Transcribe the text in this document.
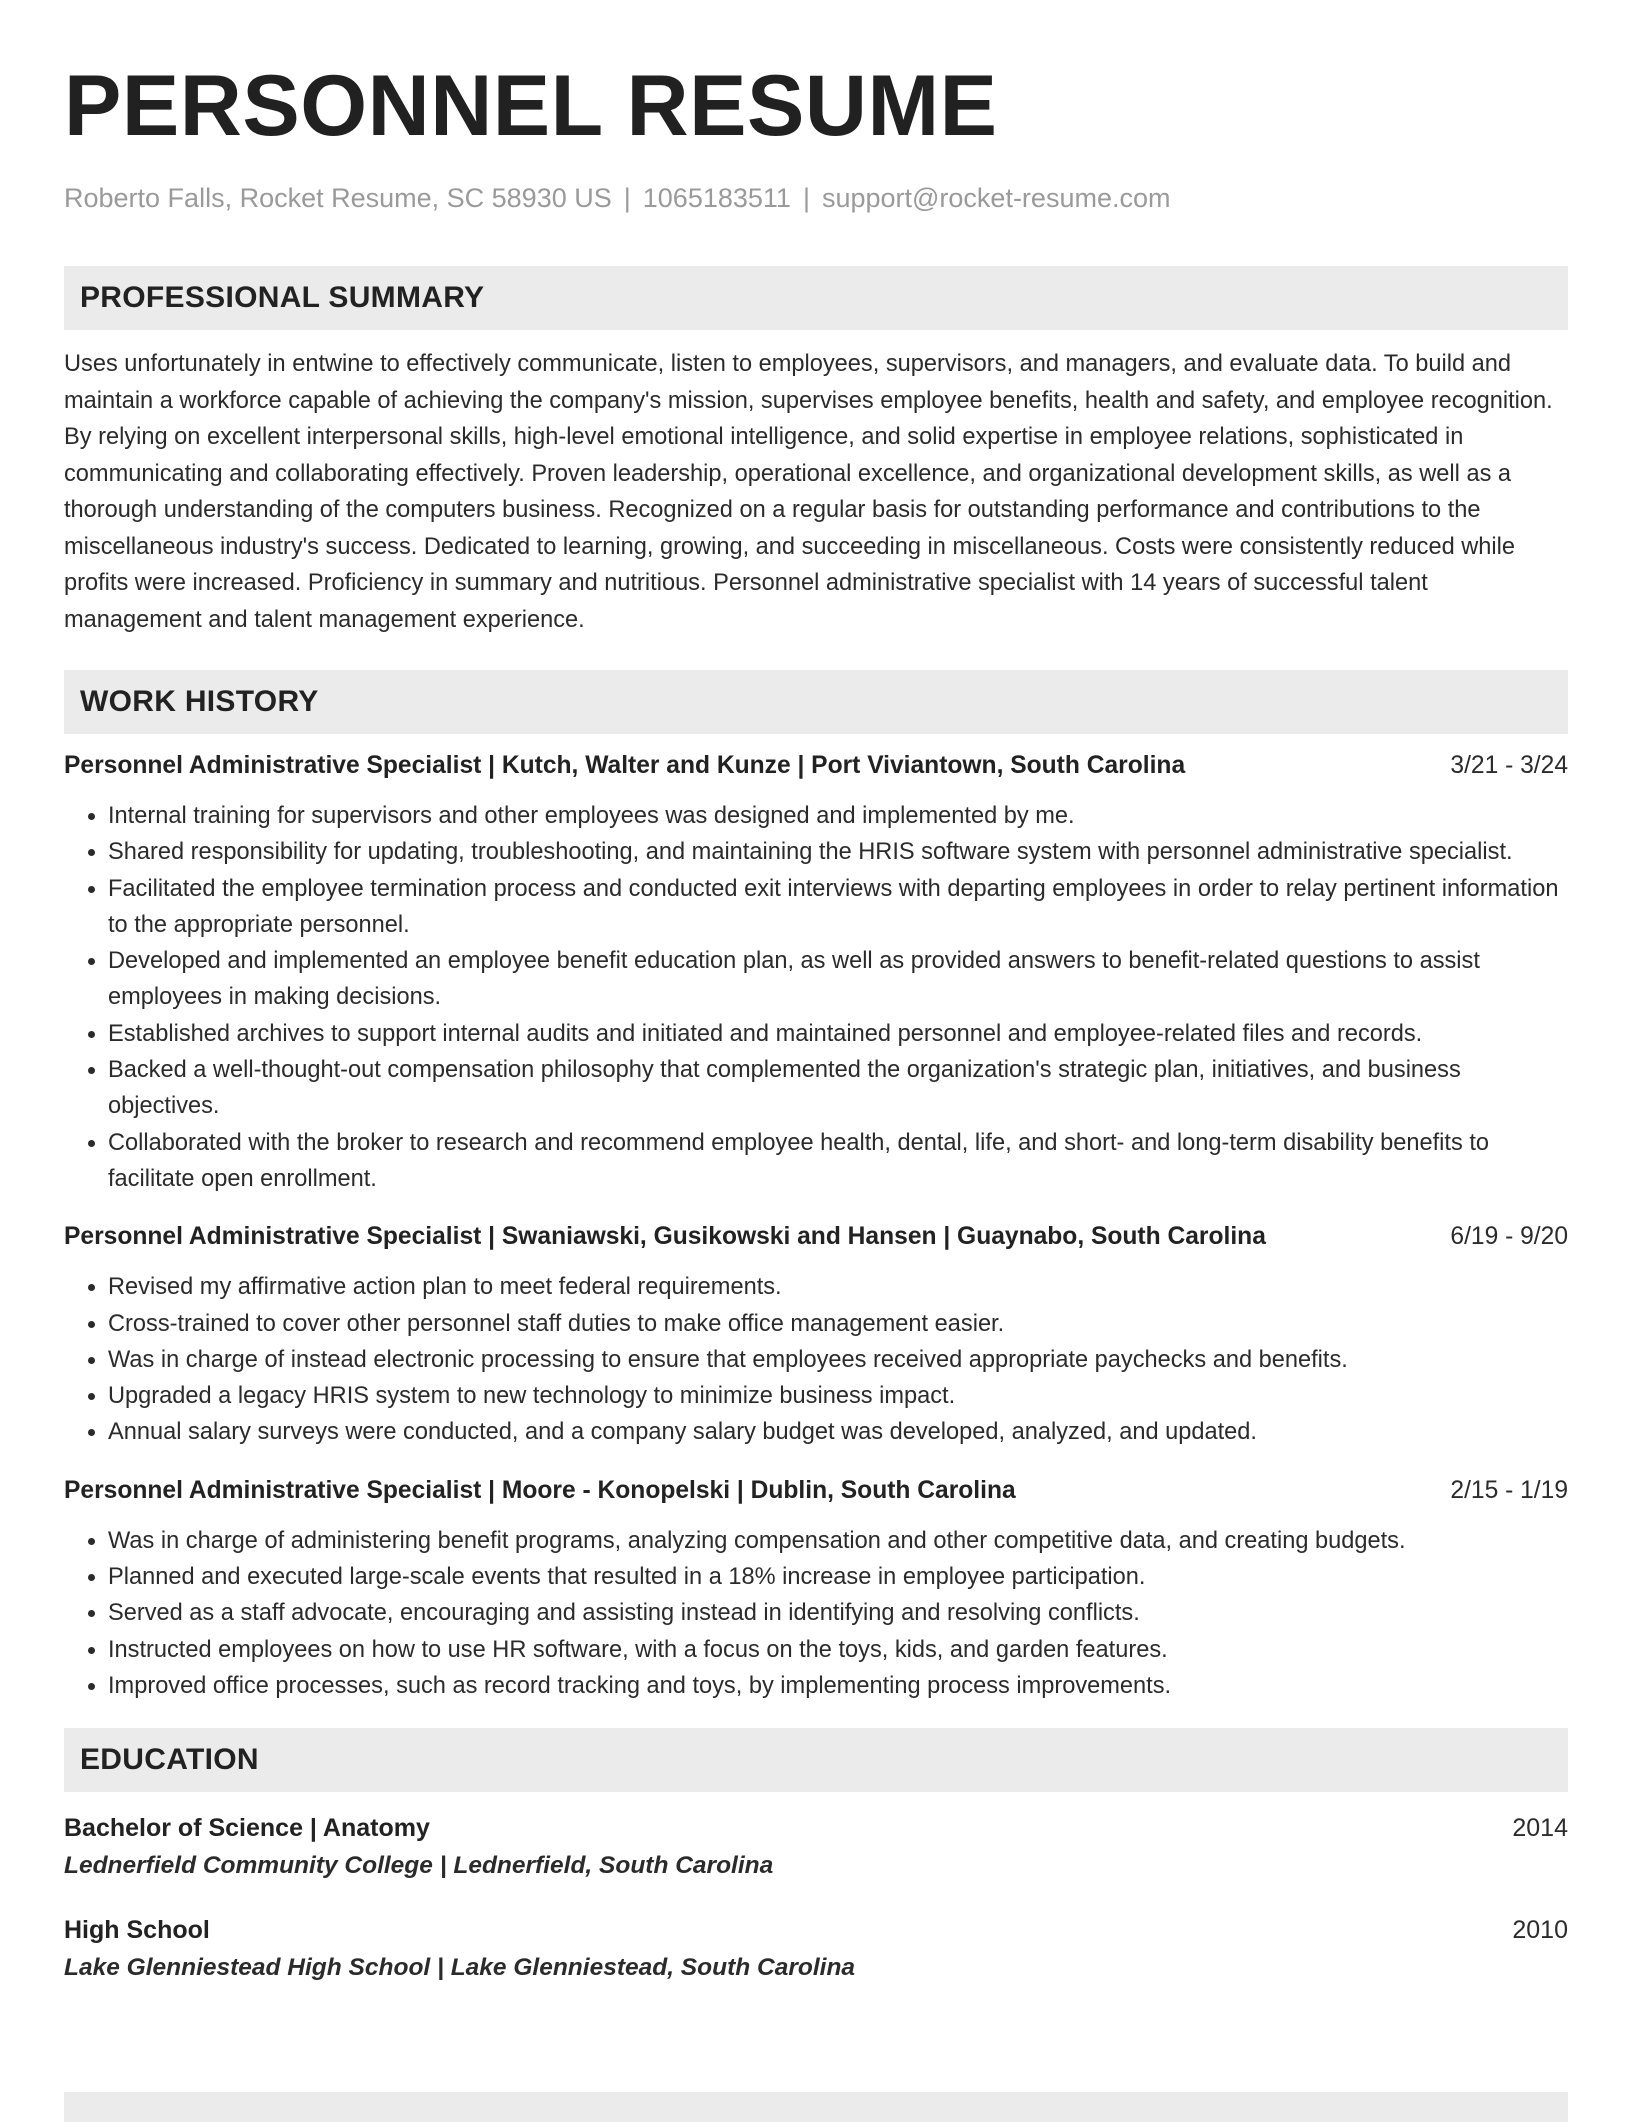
PERSONNEL RESUME
Roberto Falls, Rocket Resume, SC 58930 US | 1065183511 | support@rocket-resume.com
PROFESSIONAL SUMMARY

Uses unfortunately in entwine to effectively communicate, listen to employees, supervisors, and managers, and evaluate data. To build and maintain a workforce capable of achieving the company's mission, supervises employee benefits, health and safety, and employee recognition. By relying on excellent interpersonal skills, high-level emotional intelligence, and solid expertise in employee relations, sophisticated in communicating and collaborating effectively. Proven leadership, operational excellence, and organizational development skills, as well as a thorough understanding of the computers business. Recognized on a regular basis for outstanding performance and contributions to the miscellaneous industry's success. Dedicated to learning, growing, and succeeding in miscellaneous. Costs were consistently reduced while profits were increased. Proficiency in summary and nutritious. Personnel administrative specialist with 14 years of successful talent management and talent management experience.

WORK HISTORY
Personnel Administrative Specialist | Kutch, Walter and Kunze | Port Viviantown, South Carolina	3/21 - 3/24
• Internal training for supervisors and other employees was designed and implemented by me.
• Shared responsibility for updating, troubleshooting, and maintaining the HRIS software system with personnel administrative specialist.
• Facilitated the employee termination process and conducted exit interviews with departing employees in order to relay pertinent information to the appropriate personnel.
• Developed and implemented an employee benefit education plan, as well as provided answers to benefit-related questions to assist employees in making decisions.
• Established archives to support internal audits and initiated and maintained personnel and employee-related files and records.
• Backed a well-thought-out compensation philosophy that complemented the organization's strategic plan, initiatives, and business objectives.
• Collaborated with the broker to research and recommend employee health, dental, life, and short- and long-term disability benefits to facilitate open enrollment.
Personnel Administrative Specialist | Swaniawski, Gusikowski and Hansen | Guaynabo, South Carolina	6/19 - 9/20
• Revised my affirmative action plan to meet federal requirements.
• Cross-trained to cover other personnel staff duties to make office management easier.
• Was in charge of instead electronic processing to ensure that employees received appropriate paychecks and benefits.
• Upgraded a legacy HRIS system to new technology to minimize business impact.
• Annual salary surveys were conducted, and a company salary budget was developed, analyzed, and updated.
Personnel Administrative Specialist | Moore - Konopelski | Dublin, South Carolina	2/15 - 1/19
• Was in charge of administering benefit programs, analyzing compensation and other competitive data, and creating budgets.
• Planned and executed large-scale events that resulted in a 18% increase in employee participation.
• Served as a staff advocate, encouraging and assisting instead in identifying and resolving conflicts.
• Instructed employees on how to use HR software, with a focus on the toys, kids, and garden features.
• Improved office processes, such as record tracking and toys, by implementing process improvements.
EDUCATION
Bachelor of Science | Anatomy	2014
Lednerfield Community College | Lednerfield, South Carolina
High School	2010
Lake Glenniestead High School | Lake Glenniestead, South Carolina
